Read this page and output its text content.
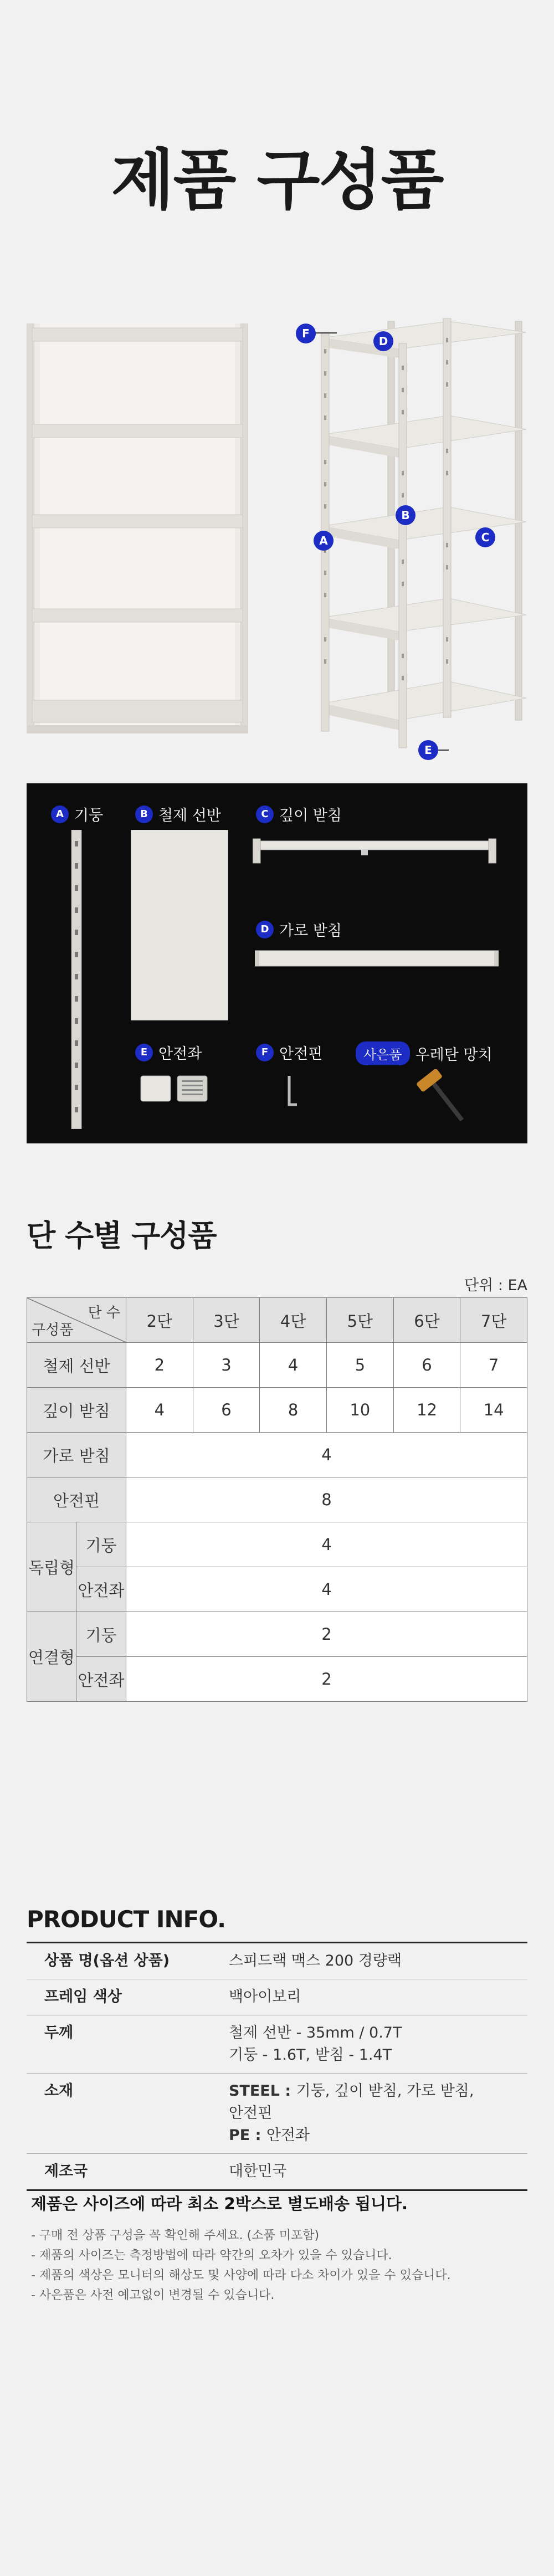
제품 구성품
F
D
B
A	C
E
A 기둥	B 철제 선반	C 깊이 받침
D 가로 받침
E 안전좌	F 안전핀	사은품 우레탄 망치
단 수별 구성품
단위 : EA
단 수
구성품		2단	3단	4단	5단	6단	7단
철제 선반		2	3	4	5	6	7
깊이 받침		4	6	8	10	12	14
가로 받침		4					
안전핀		8					
독립형	기둥	4					
	안전좌	4					
연결형	기둥	2					
	안전좌	2					
PRODUCT INFO.
상품 명(옵션 상품)	스피드랙 맥스 200 경량랙
프레임 색상	백아이보리
두께	철제 선반 - 35mm / 0.7T
기둥 - 1.6T, 받침 - 1.4T
소재	STEEL : 기둥, 깊이 받침, 가로 받침,
안전핀
PE : 안전좌
제조국	대한민국
제품은 사이즈에 따라 최소 2박스로 별도배송 됩니다.
- 구매 전 상품 구성을 꼭 확인해 주세요. (소품 미포함)
- 제품의 사이즈는 측정방법에 따라 약간의 오차가 있을 수 있습니다.
- 제품의 색상은 모니터의 해상도 및 사양에 따라 다소 차이가 있을 수 있습니다.
- 사은품은 사전 예고없이 변경될 수 있습니다.
